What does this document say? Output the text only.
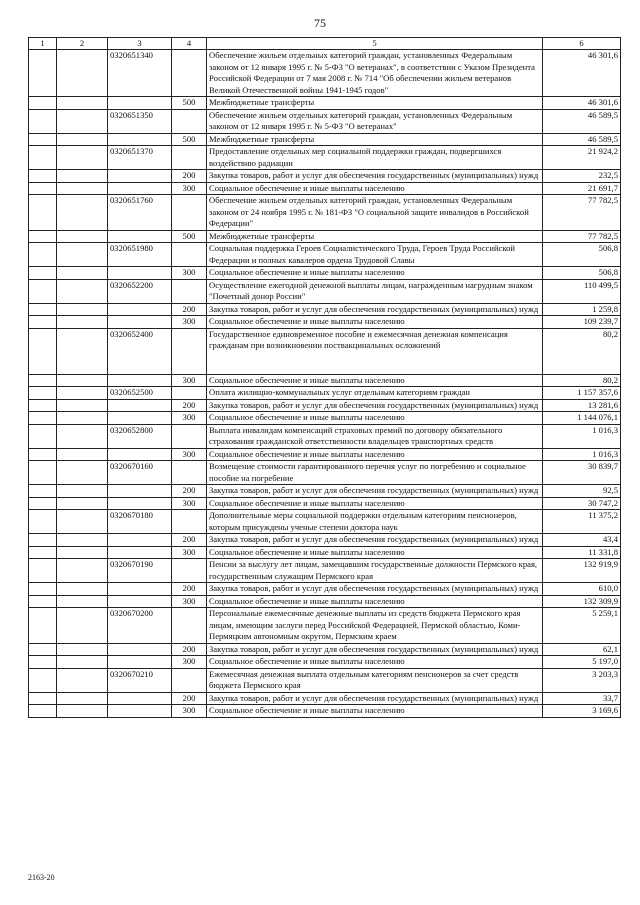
75
1	2	3	4	5	6
		0320651340		Обеспечение жильем отдельных категорий граждан, установленных Федеральным законом от 12 января 1995 г. № 5-ФЗ "О ветеранах", в соответствии с Указом Президента Российской Федерации от 7 мая 2008 г. № 714 "Об обеспечении жильем ветеранов Великой Отечественной войны 1941-1945 годов"	46 301,6
			500	Межбюджетные трансферты	46 301,6
		0320651350		Обеспечение жильем отдельных категорий граждан, установленных Федеральным законом от 12 января 1995 г. № 5-ФЗ "О ветеранах"	46 589,5
			500	Межбюджетные трансферты	46 589,5
		0320651370		Предоставление отдельных мер социальной поддержки граждан, подвергшихся воздействию радиации	21 924,2
			200	Закупка товаров, работ и услуг для обеспечения государственных (муниципальных) нужд	232,5
			300	Социальное обеспечение и иные выплаты населению	21 691,7
		0320651760		Обеспечение жильем отдельных категорий граждан, установленных Федеральным законом от 24 ноября 1995 г. № 181-ФЗ "О социальной защите инвалидов в Российской Федерации"	77 782,5
			500	Межбюджетные трансферты	77 782,5
		0320651980		Социальная поддержка Героев Социалистического Труда, Героев Труда Российской Федерации и полных кавалеров ордена Трудовой Славы	506,8
			300	Социальное обеспечение и иные выплаты населению	506,8
		0320652200		Осуществление ежегодной денежной выплаты лицам, награжденным нагрудным знаком "Почетный донор России"	110 499,5
			200	Закупка товаров, работ и услуг для обеспечения государственных (муниципальных) нужд	1 259,8
			300	Социальное обеспечение и иные выплаты населению	109 239,7
		0320652400		Государственное единовременное пособие и ежемесячная денежная компенсация гражданам при возникновении поствакцинальных осложнений	80,2
			300	Социальное обеспечение и иные выплаты населению	80,2
		0320652500		Оплата жилищно-коммунальных услуг отдельным категориям граждан	1 157 357,6
			200	Закупка товаров, работ и услуг для обеспечения государственных (муниципальных) нужд	13 281,6
			300	Социальное обеспечение и иные выплаты населению	1 144 076,1
		0320652800		Выплата инвалидам компенсаций страховых премий по договору обязательного страхования гражданской ответственности владельцев транспортных средств	1 016,3
			300	Социальное обеспечение и иные выплаты населению	1 016,3
		0320670160		Возмещение стоимости гарантированного перечня услуг по погребению и социальное пособие на погребение	30 839,7
			200	Закупка товаров, работ и услуг для обеспечения государственных (муниципальных) нужд	92,5
			300	Социальное обеспечение и иные выплаты населению	30 747,2
		0320670180		Дополнительные меры социальной поддержки отдельным категориям пенсионеров, которым присуждены ученые степени доктора наук	11 375,2
			200	Закупка товаров, работ и услуг для обеспечения государственных (муниципальных) нужд	43,4
			300	Социальное обеспечение и иные выплаты населению	11 331,8
		0320670190		Пенсии за выслугу лет лицам, замещавшим государственные должности Пермского края, государственным служащим Пермского края	132 919,9
			200	Закупка товаров, работ и услуг для обеспечения государственных (муниципальных) нужд	610,0
			300	Социальное обеспечение и иные выплаты населению	132 309,9
		0320670200		Персональные ежемесячные денежные выплаты из средств бюджета Пермского края лицам, имеющим заслуги перед Российской Федерацией, Пермской областью, Коми-Пермяцким автономным округом, Пермским краем	5 259,1
			200	Закупка товаров, работ и услуг для обеспечения государственных (муниципальных) нужд	62,1
			300	Социальное обеспечение и иные выплаты населению	5 197,0
		0320670210		Ежемесячная денежная выплата отдельным категориям пенсионеров за счет средств бюджета Пермского края	3 203,3
			200	Закупка товаров, работ и услуг для обеспечения государственных (муниципальных) нужд	33,7
			300	Социальное обеспечение и иные выплаты населению	3 169,6
2163-20
